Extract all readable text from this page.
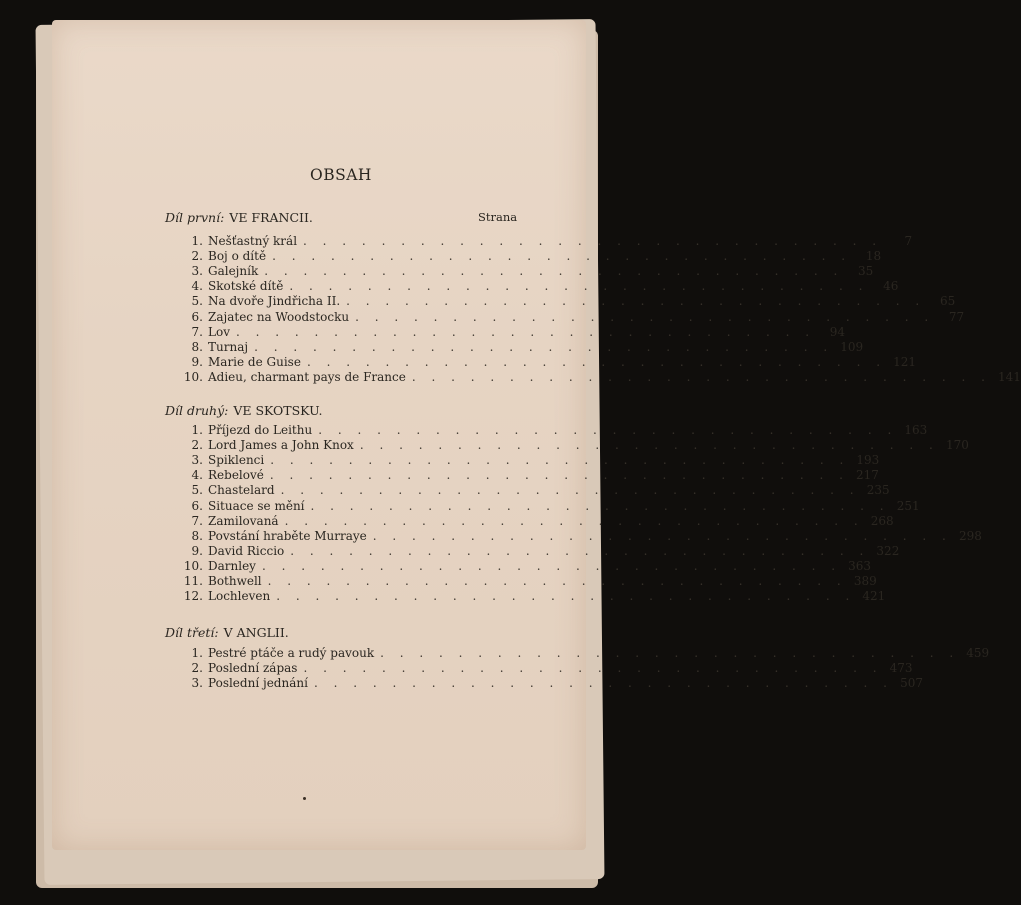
OBSAH
Strana
Díl první: VE FRANCII.
1. Nešťastný král . . . . . . . . . . . . . . . . . . . . . . . . . . . . . .	7
2. Boj o dítě . . . . . . . . . . . . . . . . . . . . . . . . . . . . . .	18
3. Galejník . . . . . . . . . . . . . . . . . . . . . . . . . . . . . .	35
4. Skotské dítě . . . . . . . . . . . . . . . . . . . . . . . . . . . . . .	46
5. Na dvoře Jindřicha II. . . . . . . . . . . . . . . . . . . . . . . . . . . . . . .	65
6. Zajatec na Woodstocku . . . . . . . . . . . . . . . . . . . . . . . . . . . . . .	77
7. Lov . . . . . . . . . . . . . . . . . . . . . . . . . . . . . .	94
8. Turnaj . . . . . . . . . . . . . . . . . . . . . . . . . . . . . . 109
9. Marie de Guise . . . . . . . . . . . . . . . . . . . . . . . . . . . . . . 121
10. Adieu, charmant pays de France . . . . . . . . . . . . . . . . . . . . . . . . . . . . . . 141
Díl druhý: VE SKOTSKU.
1. Příjezd do Leithu . . . . . . . . . . . . . . . . . . . . . . . . . . . . . . 163
2. Lord James a John Knox . . . . . . . . . . . . . . . . . . . . . . . . . . . . . . 170
3. Spiklenci . . . . . . . . . . . . . . . . . . . . . . . . . . . . . . 193
4. Rebelové . . . . . . . . . . . . . . . . . . . . . . . . . . . . . . 217
5. Chastelard . . . . . . . . . . . . . . . . . . . . . . . . . . . . . . 235
6. Situace se mění . . . . . . . . . . . . . . . . . . . . . . . . . . . . . . 251
7. Zamilovaná . . . . . . . . . . . . . . . . . . . . . . . . . . . . . . 268
8. Povstání hraběte Murraye . . . . . . . . . . . . . . . . . . . . . . . . . . . . . . 298
9. David Riccio . . . . . . . . . . . . . . . . . . . . . . . . . . . . . . 322
10. Darnley . . . . . . . . . . . . . . . . . . . . . . . . . . . . . . 363
11. Bothwell . . . . . . . . . . . . . . . . . . . . . . . . . . . . . . 389
12. Lochleven . . . . . . . . . . . . . . . . . . . . . . . . . . . . . . 421
Díl třetí: V ANGLII.
1. Pestré ptáče a rudý pavouk . . . . . . . . . . . . . . . . . . . . . . . . . . . . . . 459
2. Poslední zápas . . . . . . . . . . . . . . . . . . . . . . . . . . . . . . 473
3. Poslední jednání . . . . . . . . . . . . . . . . . . . . . . . . . . . . . . 507
